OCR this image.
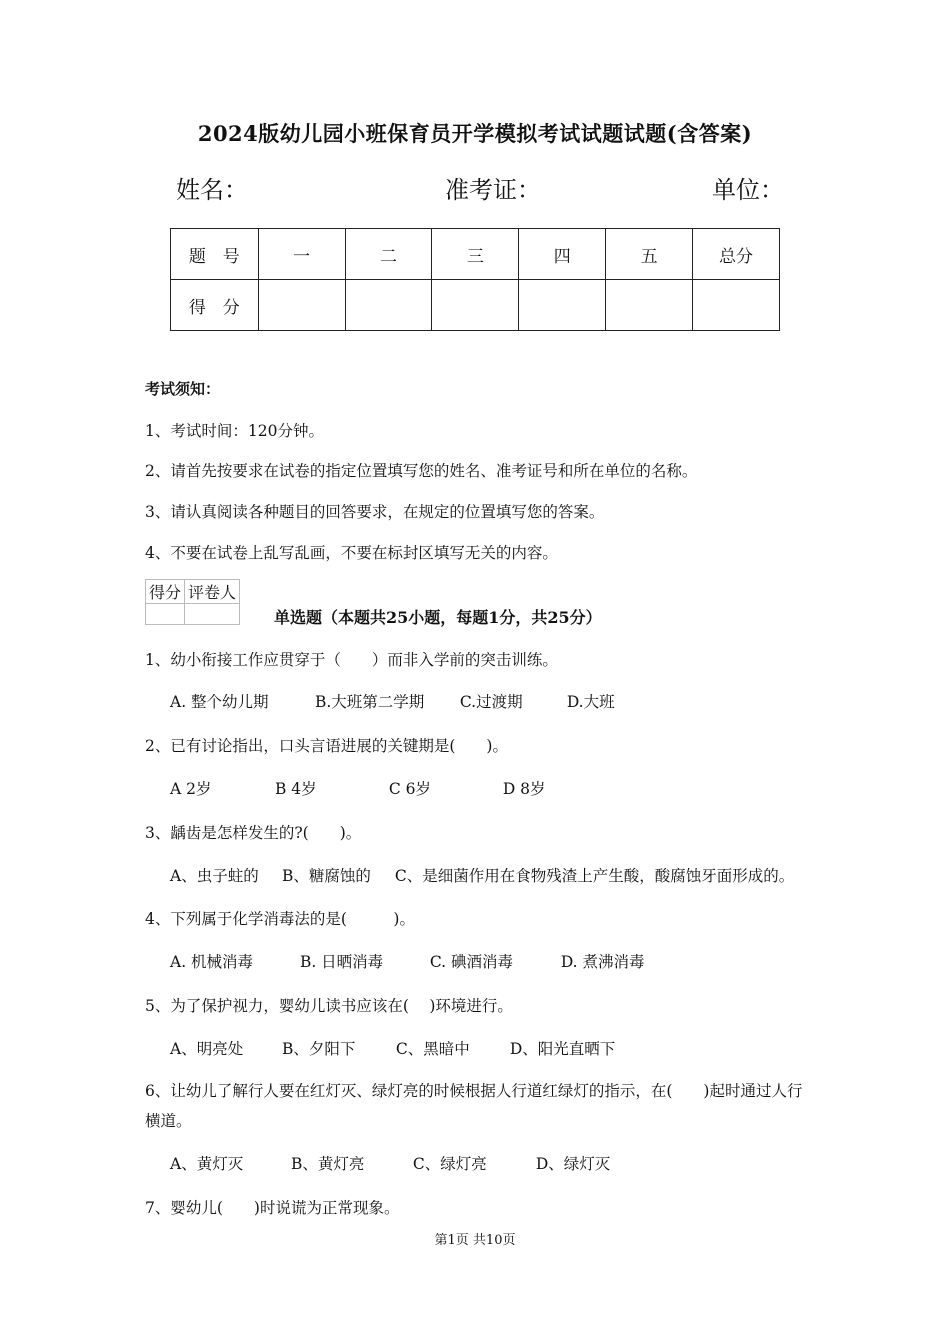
2024版幼儿园小班保育员开学模拟考试试题试题(含答案)
姓名：	准考证：	单位：
题　号	一	二	三	四	五	总分
得　分						
考试须知：
1、考试时间：120分钟。
2、请首先按要求在试卷的指定位置填写您的姓名、准考证号和所在单位的名称。
3、请认真阅读各种题目的回答要求，在规定的位置填写您的答案。
4、不要在试卷上乱写乱画，不要在标封区填写无关的内容。
得分	评卷人

单选题（本题共25小题，每题1分，共25分）
1、幼小衔接工作应贯穿于（　　）而非入学前的突击训练。
A. 整个幼儿期	B.大班第二学期 C.过渡期	D.大班
2、已有讨论指出，口头言语进展的关键期是(　　)。
A 2岁	B 4岁	C 6岁	D 8岁
3、龋齿是怎样发生的?(　　)。
A、虫子蛀的 B、糖腐蚀的 C、是细菌作用在食物残渣上产生酸，酸腐蚀牙面形成的。
4、下列属于化学消毒法的是(　　　)。
A. 机械消毒	B. 日晒消毒	C. 碘酒消毒	D. 煮沸消毒
5、为了保护视力，婴幼儿读书应该在(　 )环境进行。
A、明亮处 B、夕阳下	C、黑暗中	D、阳光直晒下
6、让幼儿了解行人要在红灯灭、绿灯亮的时候根据人行道红绿灯的指示，在(　　)起时通过人行横道。
A、黄灯灭	B、黄灯亮	C、绿灯亮	D、绿灯灭
7、婴幼儿(　　)时说谎为正常现象。
第1页 共10页
